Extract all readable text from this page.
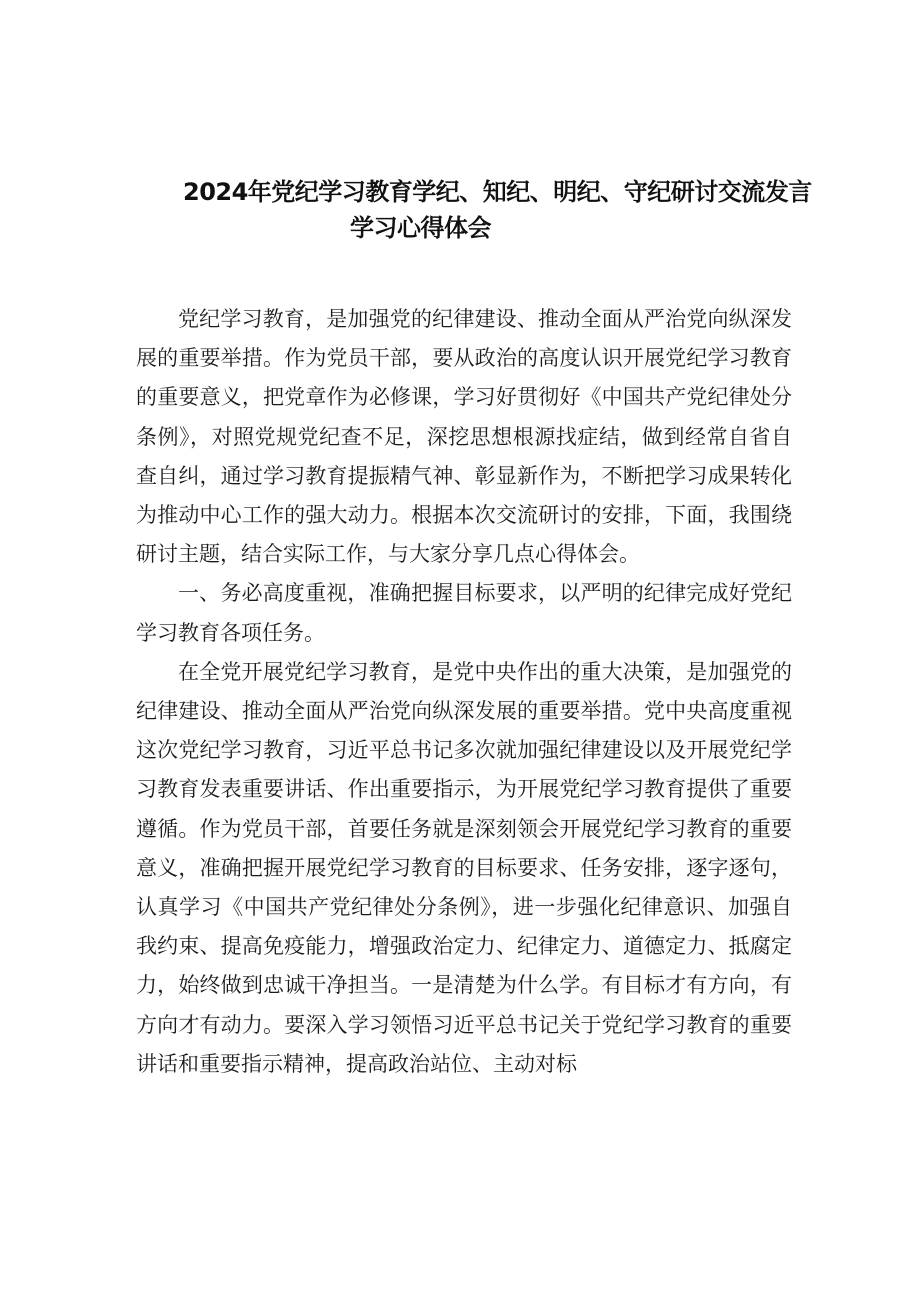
2024年党纪学习教育学纪、知纪、明纪、守纪研讨交流发言
学习心得体会

党纪学习教育，是加强党的纪律建设、推动全面从严治党向纵深发展的重要举措。作为党员干部，要从政治的高度认识开展党纪学习教育的重要意义，把党章作为必修课，学习好贯彻好《中国共产党纪律处分条例》，对照党规党纪查不足，深挖思想根源找症结，做到经常自省自查自纠，通过学习教育提振精气神、彰显新作为，不断把学习成果转化为推动中心工作的强大动力。根据本次交流研讨的安排，下面，我围绕研讨主题，结合实际工作，与大家分享几点心得体会。

一、务必高度重视，准确把握目标要求，以严明的纪律完成好党纪学习教育各项任务。

在全党开展党纪学习教育，是党中央作出的重大决策，是加强党的纪律建设、推动全面从严治党向纵深发展的重要举措。党中央高度重视这次党纪学习教育，习近平总书记多次就加强纪律建设以及开展党纪学习教育发表重要讲话、作出重要指示，为开展党纪学习教育提供了重要遵循。作为党员干部，首要任务就是深刻领会开展党纪学习教育的重要意义，准确把握开展党纪学习教育的目标要求、任务安排，逐字逐句，认真学习《中国共产党纪律处分条例》，进一步强化纪律意识、加强自我约束、提高免疫能力，增强政治定力、纪律定力、道德定力、抵腐定力，始终做到忠诚干净担当。一是清楚为什么学。有目标才有方向，有方向才有动力。要深入学习领悟习近平总书记关于党纪学习教育的重要讲话和重要指示精神，提高政治站位、主动对标
